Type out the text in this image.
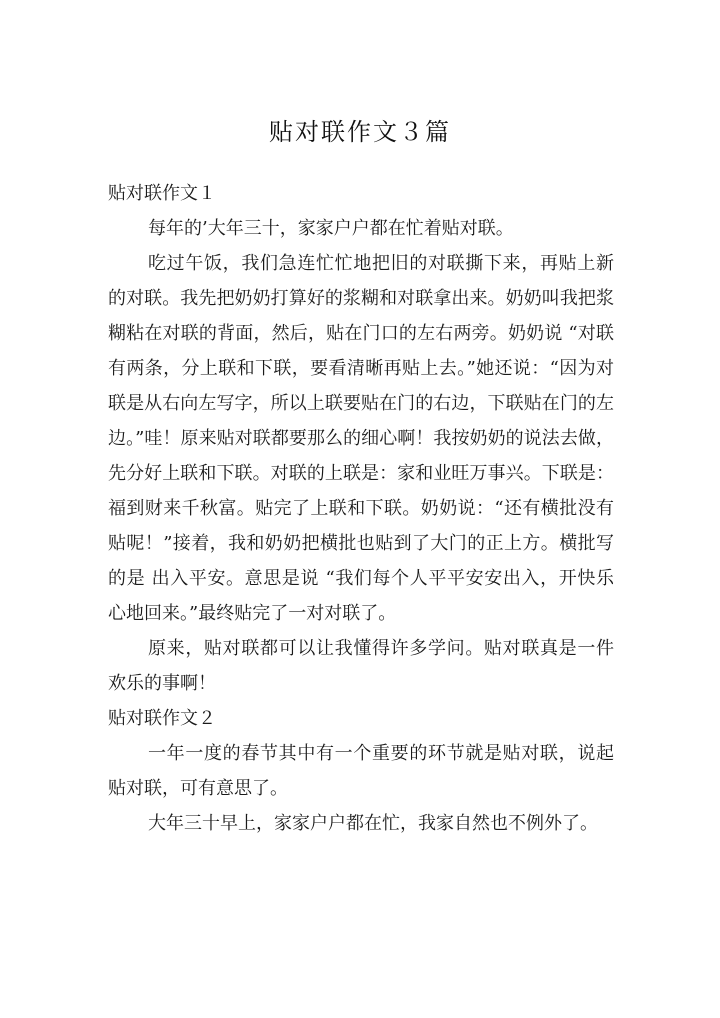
贴对联作文３篇
贴对联作文１

每年的’大年三十，家家户户都在忙着贴对联。

吃过午饭，我们急连忙忙地把旧的对联撕下来，再贴上新的对联。我先把奶奶打算好的浆糊和对联拿出来。奶奶叫我把浆糊粘在对联的背面，然后，贴在门口的左右两旁。奶奶说 “对联有两条，分上联和下联，要看清晰再贴上去。”她还说：“因为对联是从右向左写字，所以上联要贴在门的右边，下联贴在门的左边。”哇！原来贴对联都要那么的细心啊！我按奶奶的说法去做，先分好上联和下联。对联的上联是：家和业旺万事兴。下联是：福到财来千秋富。贴完了上联和下联。奶奶说：“还有横批没有贴呢！”接着，我和奶奶把横批也贴到了大门的正上方。横批写的是 出入平安。意思是说 “我们每个人平平安安出入，开快乐心地回来。”最终贴完了一对对联了。

原来，贴对联都可以让我懂得许多学问。贴对联真是一件欢乐的事啊！

贴对联作文２

一年一度的春节其中有一个重要的环节就是贴对联，说起贴对联，可有意思了。

大年三十早上，家家户户都在忙，我家自然也不例外了。
